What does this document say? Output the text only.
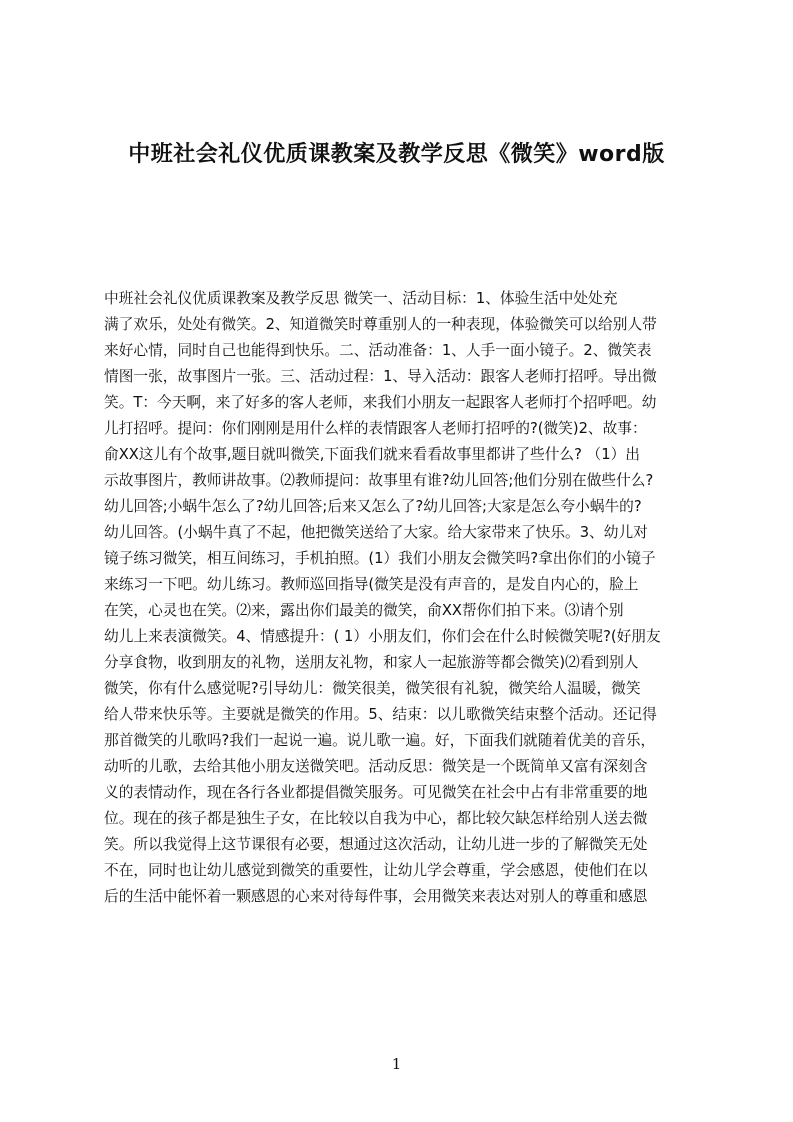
中班社会礼仪优质课教案及教学反思《微笑》word版
中班社会礼仪优质课教案及教学反思 微笑一、活动目标：1、体验生活中处处充
满了欢乐，处处有微笑。2、知道微笑时尊重别人的一种表现，体验微笑可以给别人带
来好心情，同时自己也能得到快乐。二、活动准备：1、人手一面小镜子。2、微笑表
情图一张，故事图片一张。三、活动过程：1、导入活动：跟客人老师打招呼。导出微
笑。T：今天啊，来了好多的客人老师，来我们小朋友一起跟客人老师打个招呼吧。幼
儿打招呼。提问：你们刚刚是用什么样的表情跟客人老师打招呼的?(微笑)2、故事：
俞XX这儿有个故事,题目就叫微笑,下面我们就来看看故事里都讲了些什么? （1）出
示故事图片，教师讲故事。⑵教师提问：故事里有谁?幼儿回答;他们分别在做些什么?
幼儿回答;小蜗牛怎么了?幼儿回答;后来又怎么了?幼儿回答;大家是怎么夸小蜗牛的?
幼儿回答。(小蜗牛真了不起，他把微笑送给了大家。给大家带来了快乐。3、幼儿对
镜子练习微笑，相互间练习，手机拍照。(1）我们小朋友会微笑吗?拿出你们的小镜子
来练习一下吧。幼儿练习。教师巡回指导(微笑是没有声音的，是发自内心的，脸上
在笑，心灵也在笑。⑵来，露出你们最美的微笑，俞XX帮你们拍下来。⑶请个别
幼儿上来表演微笑。4、情感提升：( 1）小朋友们，你们会在什么时候微笑呢?(好朋友
分享食物，收到朋友的礼物，送朋友礼物，和家人一起旅游等都会微笑)⑵看到别人
微笑，你有什么感觉呢?引导幼儿：微笑很美，微笑很有礼貌，微笑给人温暖，微笑
给人带来快乐等。主要就是微笑的作用。5、结束：以儿歌微笑结束整个活动。还记得
那首微笑的儿歌吗?我们一起说一遍。说儿歌一遍。好，下面我们就随着优美的音乐，
动听的儿歌，去给其他小朋友送微笑吧。活动反思：微笑是一个既简单又富有深刻含
义的表情动作，现在各行各业都提倡微笑服务。可见微笑在社会中占有非常重要的地
位。现在的孩子都是独生子女，在比较以自我为中心，都比较欠缺怎样给别人送去微
笑。所以我觉得上这节课很有必要，想通过这次活动，让幼儿进一步的了解微笑无处
不在，同时也让幼儿感觉到微笑的重要性，让幼儿学会尊重，学会感恩，使他们在以
后的生活中能怀着一颗感恩的心来对待每件事，会用微笑来表达对别人的尊重和感恩
1
